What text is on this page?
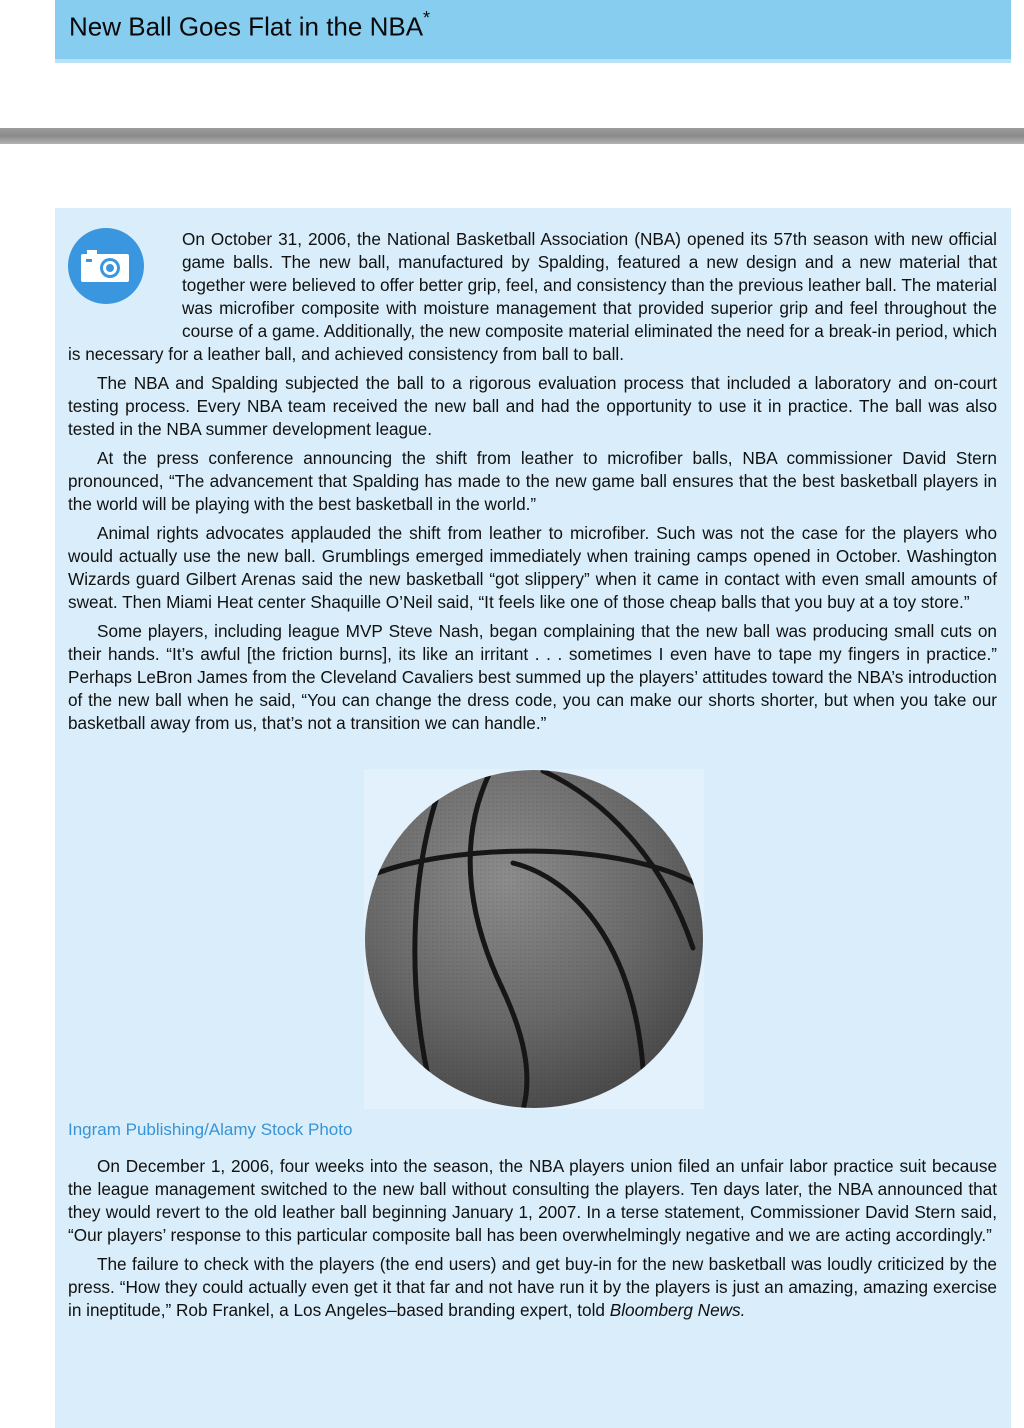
New Ball Goes Flat in the NBA*

On October 31, 2006, the National Basketball Association (NBA) opened its 57th season with new official game balls. The new ball, manufactured by Spalding, featured a new design and a new material that together were believed to offer better grip, feel, and consistency than the previous leather ball. The material was microfiber composite with moisture management that provided superior grip and feel throughout the course of a game. Additionally, the new composite material eliminated the need for a break-in period, which is necessary for a leather ball, and achieved consistency from ball to ball.

The NBA and Spalding subjected the ball to a rigorous evaluation process that included a laboratory and on-court testing process. Every NBA team received the new ball and had the opportunity to use it in practice. The ball was also tested in the NBA summer development league.

At the press conference announcing the shift from leather to microfiber balls, NBA commissioner David Stern pronounced, “The advancement that Spalding has made to the new game ball ensures that the best basketball players in the world will be playing with the best basketball in the world.”

Animal rights advocates applauded the shift from leather to microfiber. Such was not the case for the players who would actually use the new ball. Grumblings emerged immediately when training camps opened in October. Washington Wizards guard Gilbert Arenas said the new basketball “got slippery” when it came in contact with even small amounts of sweat. Then Miami Heat center Shaquille O’Neil said, “It feels like one of those cheap balls that you buy at a toy store.”

Some players, including league MVP Steve Nash, began complaining that the new ball was producing small cuts on their hands. “It’s awful [the friction burns], its like an irritant . . . sometimes I even have to tape my fingers in practice.” Perhaps LeBron James from the Cleveland Cavaliers best summed up the players’ attitudes toward the NBA’s introduction of the new ball when he said, “You can change the dress code, you can make our shorts shorter, but when you take our basketball away from us, that’s not a transition we can handle.”

Ingram Publishing/Alamy Stock Photo

On December 1, 2006, four weeks into the season, the NBA players union filed an unfair labor practice suit because the league management switched to the new ball without consulting the players. Ten days later, the NBA announced that they would revert to the old leather ball beginning January 1, 2007. In a terse statement, Commissioner David Stern said, “Our players’ response to this particular composite ball has been overwhelmingly negative and we are acting accordingly.”

The failure to check with the players (the end users) and get buy-in for the new basketball was loudly criticized by the press. “How they could actually even get it that far and not have run it by the players is just an amazing, amazing exercise in ineptitude,” Rob Frankel, a Los Angeles–based branding expert, told Bloomberg News.
